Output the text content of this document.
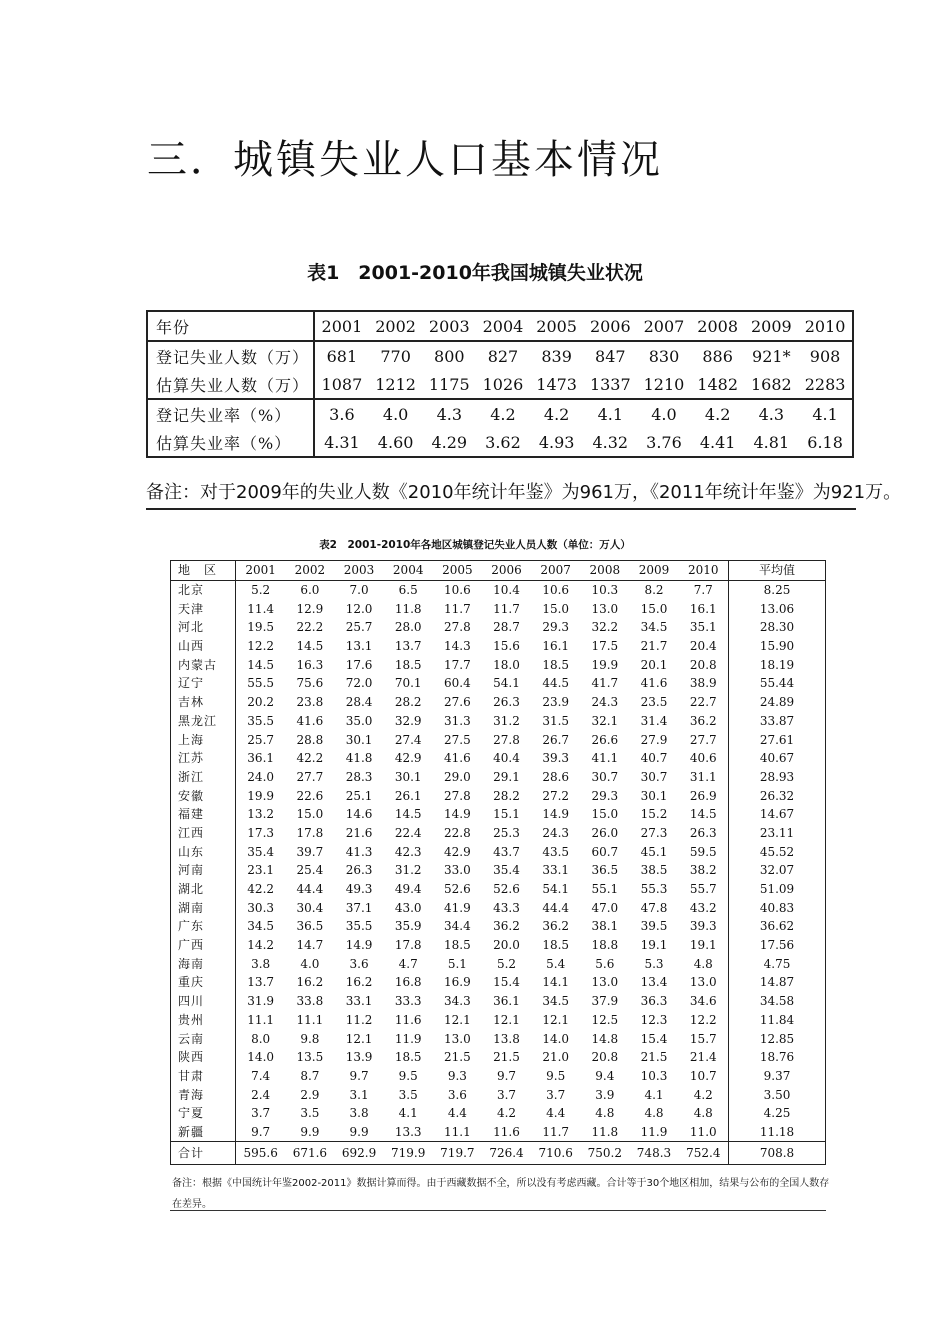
三．城镇失业人口基本情况
表1　2001-2010年我国城镇失业状况
年份	2001	2002	2003	2004	2005	2006	2007	2008	2009	2010
登记失业人数（万）	681	770	800	827	839	847	830	886	921*	908
估算失业人数（万）	1087	1212	1175	1026	1473	1337	1210	1482	1682	2283
登记失业率（%）	3.6	4.0	4.3	4.2	4.2	4.1	4.0	4.2	4.3	4.1
估算失业率（%）	4.31	4.60	4.29	3.62	4.93	4.32	3.76	4.41	4.81	6.18
备注：对于2009年的失业人数《2010年统计年鉴》为961万，《2011年统计年鉴》为921万。
表2　2001-2010年各地区城镇登记失业人员人数（单位：万人）
地　区	2001	2002	2003	2004	2005	2006	2007	2008	2009	2010	平均值
北京	5.2	6.0	7.0	6.5	10.6	10.4	10.6	10.3	8.2	7.7	8.25
天津	11.4	12.9	12.0	11.8	11.7	11.7	15.0	13.0	15.0	16.1	13.06
河北	19.5	22.2	25.7	28.0	27.8	28.7	29.3	32.2	34.5	35.1	28.30
山西	12.2	14.5	13.1	13.7	14.3	15.6	16.1	17.5	21.7	20.4	15.90
内蒙古	14.5	16.3	17.6	18.5	17.7	18.0	18.5	19.9	20.1	20.8	18.19
辽宁	55.5	75.6	72.0	70.1	60.4	54.1	44.5	41.7	41.6	38.9	55.44
吉林	20.2	23.8	28.4	28.2	27.6	26.3	23.9	24.3	23.5	22.7	24.89
黑龙江	35.5	41.6	35.0	32.9	31.3	31.2	31.5	32.1	31.4	36.2	33.87
上海	25.7	28.8	30.1	27.4	27.5	27.8	26.7	26.6	27.9	27.7	27.61
江苏	36.1	42.2	41.8	42.9	41.6	40.4	39.3	41.1	40.7	40.6	40.67
浙江	24.0	27.7	28.3	30.1	29.0	29.1	28.6	30.7	30.7	31.1	28.93
安徽	19.9	22.6	25.1	26.1	27.8	28.2	27.2	29.3	30.1	26.9	26.32
福建	13.2	15.0	14.6	14.5	14.9	15.1	14.9	15.0	15.2	14.5	14.67
江西	17.3	17.8	21.6	22.4	22.8	25.3	24.3	26.0	27.3	26.3	23.11
山东	35.4	39.7	41.3	42.3	42.9	43.7	43.5	60.7	45.1	59.5	45.52
河南	23.1	25.4	26.3	31.2	33.0	35.4	33.1	36.5	38.5	38.2	32.07
湖北	42.2	44.4	49.3	49.4	52.6	52.6	54.1	55.1	55.3	55.7	51.09
湖南	30.3	30.4	37.1	43.0	41.9	43.3	44.4	47.0	47.8	43.2	40.83
广东	34.5	36.5	35.5	35.9	34.4	36.2	36.2	38.1	39.5	39.3	36.62
广西	14.2	14.7	14.9	17.8	18.5	20.0	18.5	18.8	19.1	19.1	17.56
海南	3.8	4.0	3.6	4.7	5.1	5.2	5.4	5.6	5.3	4.8	4.75
重庆	13.7	16.2	16.2	16.8	16.9	15.4	14.1	13.0	13.4	13.0	14.87
四川	31.9	33.8	33.1	33.3	34.3	36.1	34.5	37.9	36.3	34.6	34.58
贵州	11.1	11.1	11.2	11.6	12.1	12.1	12.1	12.5	12.3	12.2	11.84
云南	8.0	9.8	12.1	11.9	13.0	13.8	14.0	14.8	15.4	15.7	12.85
陕西	14.0	13.5	13.9	18.5	21.5	21.5	21.0	20.8	21.5	21.4	18.76
甘肃	7.4	8.7	9.7	9.5	9.3	9.7	9.5	9.4	10.3	10.7	9.37
青海	2.4	2.9	3.1	3.5	3.6	3.7	3.7	3.9	4.1	4.2	3.50
宁夏	3.7	3.5	3.8	4.1	4.4	4.2	4.4	4.8	4.8	4.8	4.25
新疆	9.7	9.9	9.9	13.3	11.1	11.6	11.7	11.8	11.9	11.0	11.18
合计	595.6	671.6	692.9	719.9	719.7	726.4	710.6	750.2	748.3	752.4	708.8
备注：根据《中国统计年鉴2002-2011》数据计算而得。由于西藏数据不全，所以没有考虑西藏。合计等于30个地区相加，结果与公布的全国人数存在差异。
